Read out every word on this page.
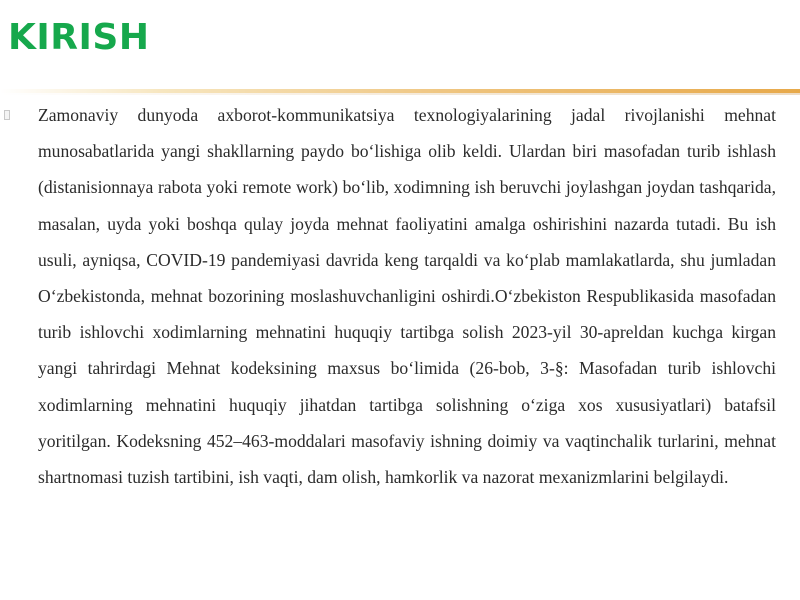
KIRISH

Zamonaviy dunyoda axborot-kommunikatsiya texnologiyalarining jadal rivojlanishi mehnat munosabatlarida yangi shakllarning paydo bo‘lishiga olib keldi. Ulardan biri masofadan turib ishlash (distanisionnaya rabota yoki remote work) bo‘lib, xodimning ish beruvchi joylashgan joydan tashqarida, masalan, uyda yoki boshqa qulay joyda mehnat faoliyatini amalga oshirishini nazarda tutadi. Bu ish usuli, ayniqsa, COVID-19 pandemiyasi davrida keng tarqaldi va ko‘plab mamlakatlarda, shu jumladan O‘zbekistonda, mehnat bozorining moslashuvchanligini oshirdi.O‘zbekiston Respublikasida masofadan turib ishlovchi xodimlarning mehnatini huquqiy tartibga solish 2023-yil 30-apreldan kuchga kirgan yangi tahrirdagi Mehnat kodeksining maxsus bo‘limida (26-bob, 3-§: Masofadan turib ishlovchi xodimlarning mehnatini huquqiy jihatdan tartibga solishning o‘ziga xos xususiyatlari) batafsil yoritilgan. Kodeksning 452–463-moddalari masofaviy ishning doimiy va vaqtinchalik turlarini, mehnat shartnomasi tuzish tartibini, ish vaqti, dam olish, hamkorlik va nazorat mexanizmlarini belgilaydi.
